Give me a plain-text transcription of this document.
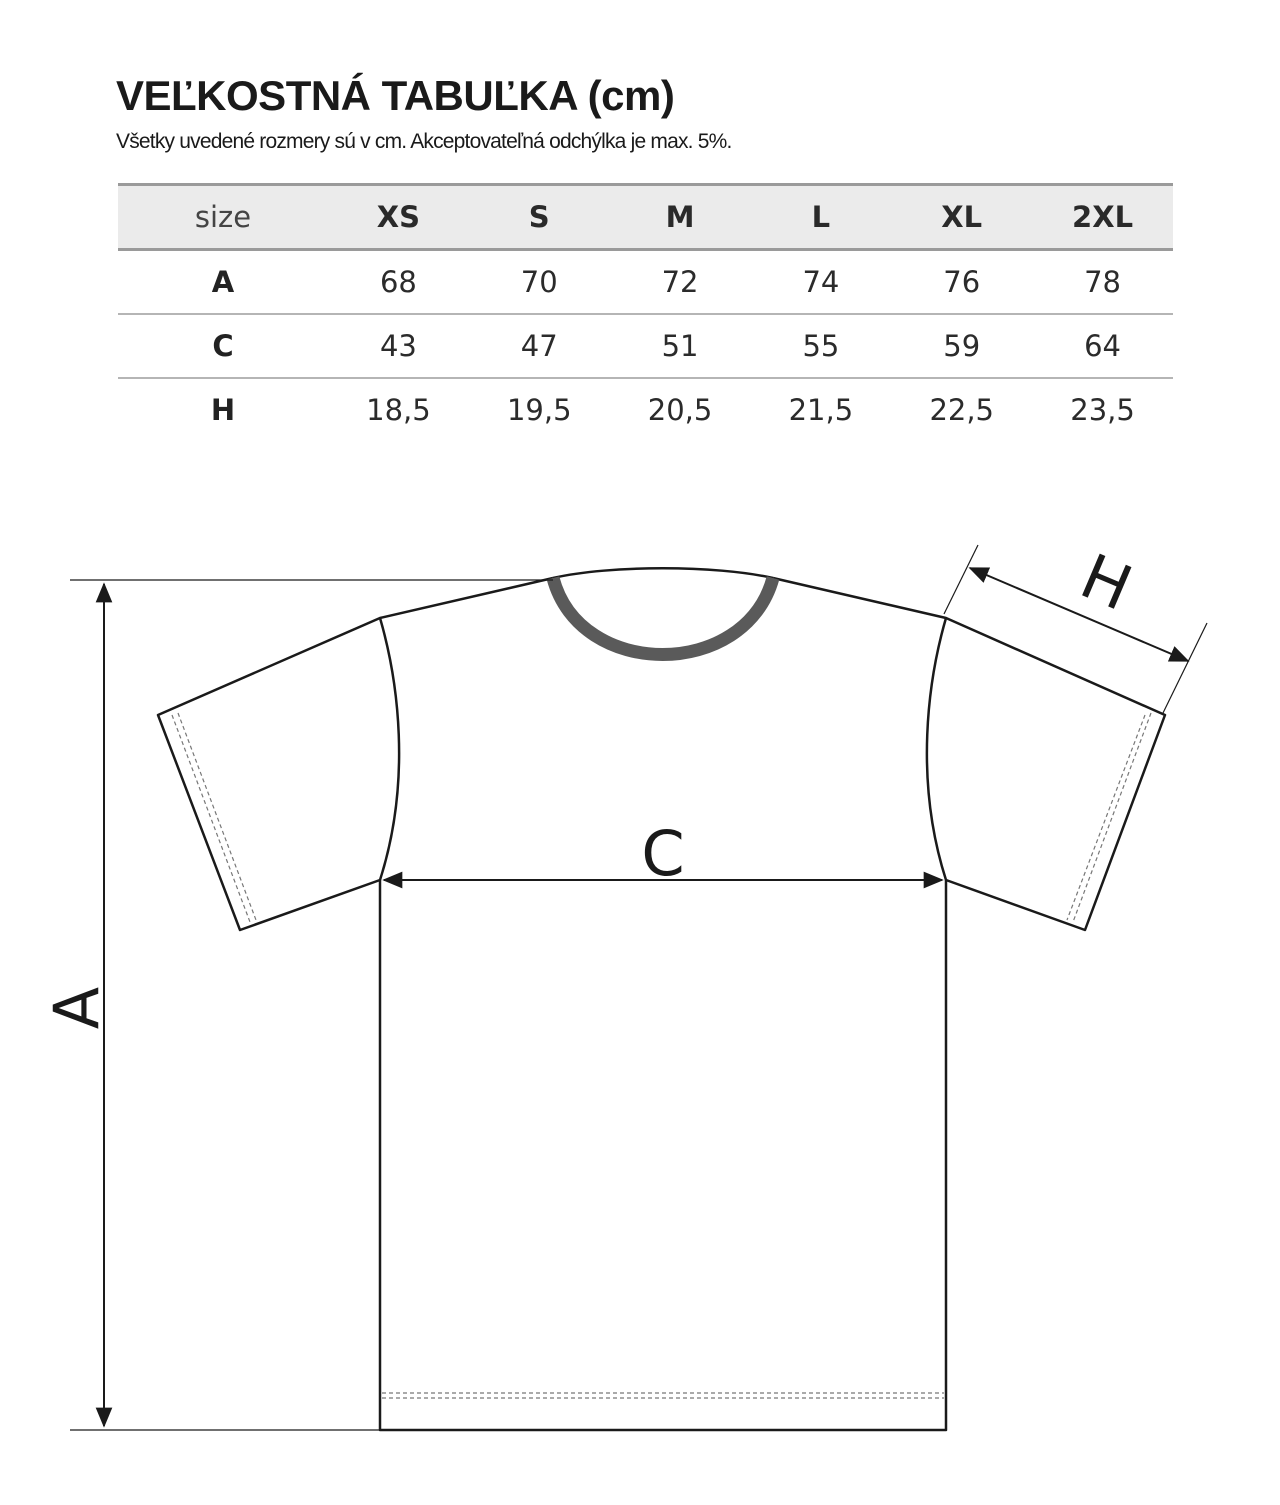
VEĽKOSTNÁ TABUĽKA (cm)
Všetky uvedené rozmery sú v cm. Akceptovateľná odchýlka je max. 5%.
size	XS	S	M	L	XL	2XL
A	68	70	72	74	76	78
C	43	47	51	55	59	64
H	18,5	19,5	20,5	21,5	22,5	23,5
A
C
H
